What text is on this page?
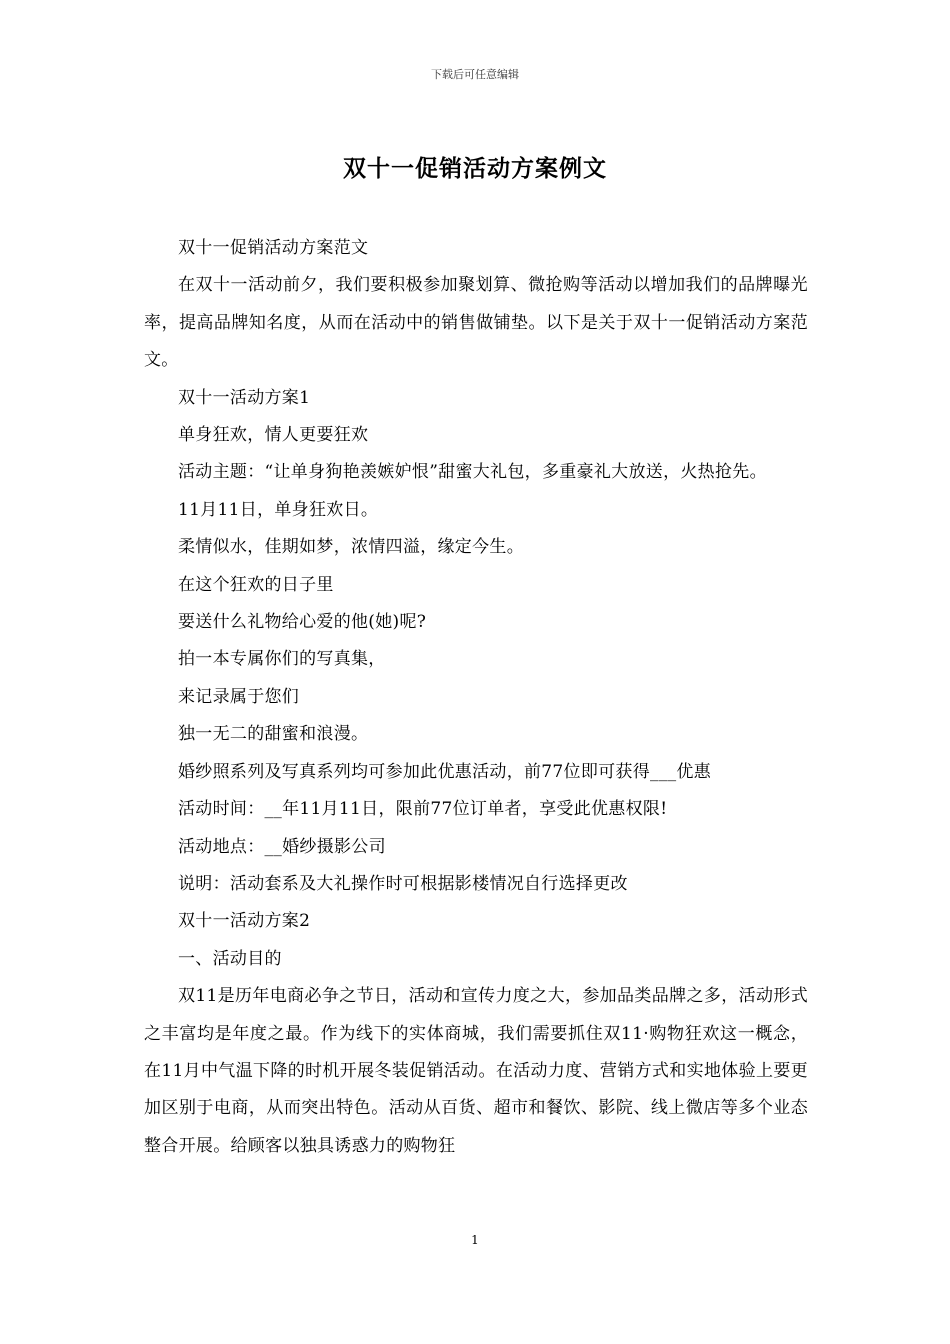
下载后可任意编辑
双十一促销活动方案例文

双十一促销活动方案范文

在双十一活动前夕，我们要积极参加聚划算、微抢购等活动以增加我们的品牌曝光率，提高品牌知名度，从而在活动中的销售做铺垫。以下是关于双十一促销活动方案范文。

双十一活动方案1

单身狂欢，情人更要狂欢

活动主题：“让单身狗艳羡嫉妒恨”甜蜜大礼包，多重豪礼大放送，火热抢先。

11月11日，单身狂欢日。

柔情似水，佳期如梦，浓情四溢，缘定今生。

在这个狂欢的日子里

要送什么礼物给心爱的他(她)呢?

拍一本专属你们的写真集，

来记录属于您们

独一无二的甜蜜和浪漫。

婚纱照系列及写真系列均可参加此优惠活动，前77位即可获得___优惠

活动时间：__年11月11日，限前77位订单者，享受此优惠权限!

活动地点：__婚纱摄影公司

说明：活动套系及大礼操作时可根据影楼情况自行选择更改

双十一活动方案2

一、活动目的

双11是历年电商必争之节日，活动和宣传力度之大，参加品类品牌之多，活动形式之丰富均是年度之最。作为线下的实体商城，我们需要抓住双11·购物狂欢这一概念，在11月中气温下降的时机开展冬装促销活动。在活动力度、营销方式和实地体验上要更加区别于电商，从而突出特色。活动从百货、超市和餐饮、影院、线上微店等多个业态整合开展。给顾客以独具诱惑力的购物狂

1
